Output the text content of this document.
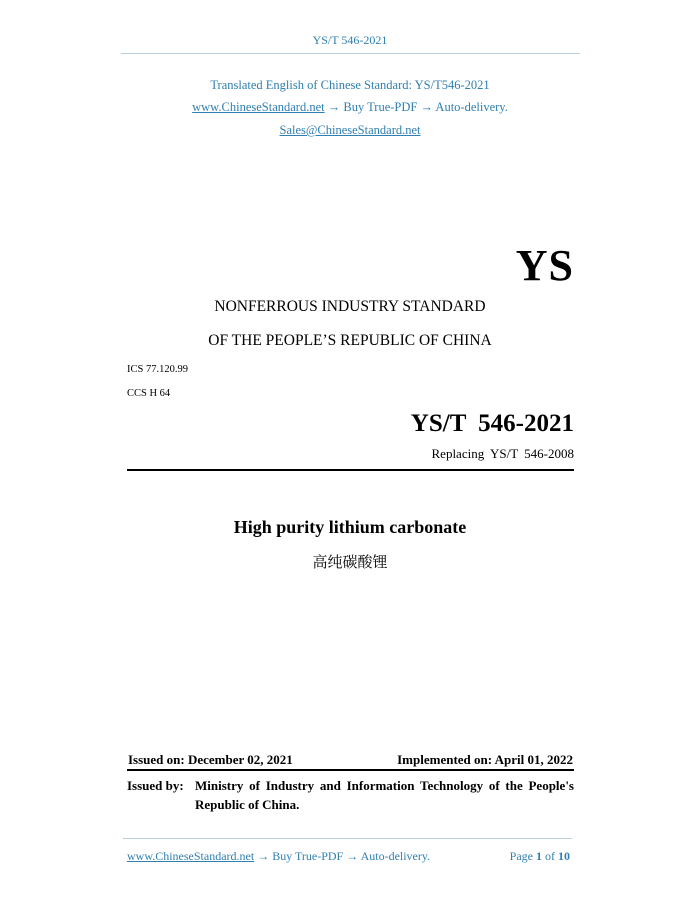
YS/T 546-2021
Translated English of Chinese Standard: YS/T546-2021
www.ChineseStandard.net → Buy True-PDF → Auto-delivery.
Sales@ChineseStandard.net
YS
NONFERROUS INDUSTRY STANDARD
OF THE PEOPLE’S REPUBLIC OF CHINA
ICS 77.120.99
CCS H 64
YS/T 546-2021
Replacing YS/T 546-2008
High purity lithium carbonate
高纯碳酸锂
Issued on: December 02, 2021	Implemented on: April 01, 2022
Issued by: Ministry of Industry and Information Technology of the People's
Republic of China.
www.ChineseStandard.net → Buy True-PDF → Auto-delivery.	Page 1 of 10
